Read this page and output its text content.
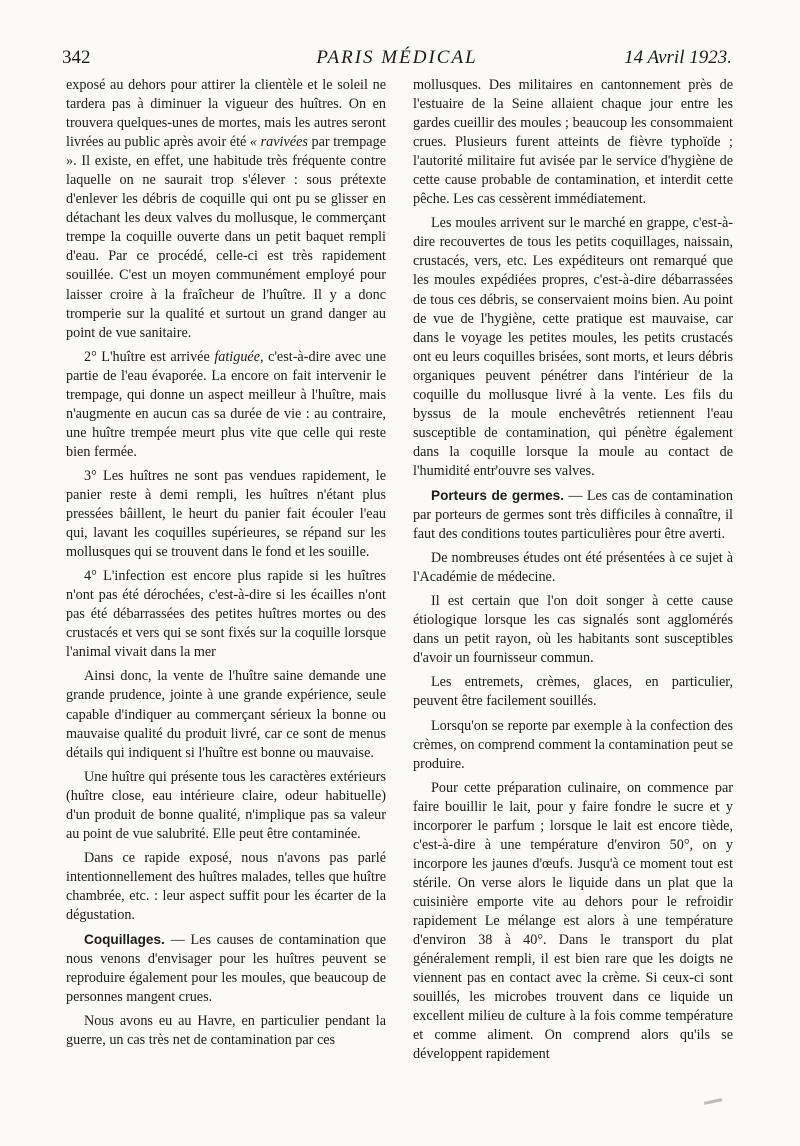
342	PARIS MÉDICAL	14 Avril 1923.

exposé au dehors pour attirer la clientèle et le soleil ne tardera pas à diminuer la vigueur des huîtres. On en trouvera quelques-unes de mortes, mais les autres seront livrées au public après avoir été « ravivées par trempage ». Il existe, en effet, une habitude très fréquente contre laquelle on ne saurait trop s'élever : sous prétexte d'enlever les débris de coquille qui ont pu se glisser en détachant les deux valves du mollusque, le commerçant trempe la coquille ouverte dans un petit baquet rempli d'eau. Par ce procédé, celle-ci est très rapidement souillée. C'est un moyen communément employé pour laisser croire à la fraîcheur de l'huître. Il y a donc tromperie sur la qualité et surtout un grand danger au point de vue sanitaire.

2° L'huître est arrivée fatiguée, c'est-à-dire avec une partie de l'eau évaporée. La encore on fait intervenir le trempage, qui donne un aspect meilleur à l'huître, mais n'augmente en aucun cas sa durée de vie : au contraire, une huître trempée meurt plus vite que celle qui reste bien fermée.

3° Les huîtres ne sont pas vendues rapidement, le panier reste à demi rempli, les huîtres n'étant plus pressées bâillent, le heurt du panier fait écouler l'eau qui, lavant les coquilles supérieures, se répand sur les mollusques qui se trouvent dans le fond et les souille.

4° L'infection est encore plus rapide si les huîtres n'ont pas été dérochées, c'est-à-dire si les écailles n'ont pas été débarrassées des petites huîtres mortes ou des crustacés et vers qui se sont fixés sur la coquille lorsque l'animal vivait dans la mer

Ainsi donc, la vente de l'huître saine demande une grande prudence, jointe à une grande expérience, seule capable d'indiquer au commerçant sérieux la bonne ou mauvaise qualité du produit livré, car ce sont de menus détails qui indiquent si l'huître est bonne ou mauvaise.

Une huître qui présente tous les caractères extérieurs (huître close, eau intérieure claire, odeur habituelle) d'un produit de bonne qualité, n'implique pas sa valeur au point de vue salubrité. Elle peut être contaminée.

Dans ce rapide exposé, nous n'avons pas parlé intentionnellement des huîtres malades, telles que huître chambrée, etc. : leur aspect suffit pour les écarter de la dégustation.

Coquillages. — Les causes de contamination que nous venons d'envisager pour les huîtres peuvent se reproduire également pour les moules, que beaucoup de personnes mangent crues.

Nous avons eu au Havre, en particulier pendant la guerre, un cas très net de contamination par ces

mollusques. Des militaires en cantonnement près de l'estuaire de la Seine allaient chaque jour entre les gardes cueillir des moules ; beaucoup les consommaient crues. Plusieurs furent atteints de fièvre typhoïde ; l'autorité militaire fut avisée par le service d'hygiène de cette cause probable de contamination, et interdit cette pêche. Les cas cessèrent immédiatement.

Les moules arrivent sur le marché en grappe, c'est-à-dire recouvertes de tous les petits coquillages, naissain, crustacés, vers, etc. Les expéditeurs ont remarqué que les moules expédiées propres, c'est-à-dire débarrassées de tous ces débris, se conservaient moins bien. Au point de vue de l'hygiène, cette pratique est mauvaise, car dans le voyage les petites moules, les petits crustacés ont eu leurs coquilles brisées, sont morts, et leurs débris organiques peuvent pénétrer dans l'intérieur de la coquille du mollusque livré à la vente. Les fils du byssus de la moule enchevêtrés retiennent l'eau susceptible de contamination, qui pénètre également dans la coquille lorsque la moule au contact de l'humidité entr'ouvre ses valves.

Porteurs de germes. — Les cas de contamination par porteurs de germes sont très difficiles à connaître, il faut des conditions toutes particulières pour être averti.

De nombreuses études ont été présentées à ce sujet à l'Académie de médecine.

Il est certain que l'on doit songer à cette cause étiologique lorsque les cas signalés sont agglomérés dans un petit rayon, où les habitants sont susceptibles d'avoir un fournisseur commun.

Les entremets, crèmes, glaces, en particulier, peuvent être facilement souillés.

Lorsqu'on se reporte par exemple à la confection des crèmes, on comprend comment la contamination peut se produire.

Pour cette préparation culinaire, on commence par faire bouillir le lait, pour y faire fondre le sucre et y incorporer le parfum ; lorsque le lait est encore tiède, c'est-à-dire à une température d'environ 50°, on y incorpore les jaunes d'œufs. Jusqu'à ce moment tout est stérile. On verse alors le liquide dans un plat que la cuisinière emporte vite au dehors pour le refroidir rapidement Le mélange est alors à une température d'environ 38 à 40°. Dans le transport du plat généralement rempli, il est bien rare que les doigts ne viennent pas en contact avec la crème. Si ceux-ci sont souillés, les microbes trouvent dans ce liquide un excellent milieu de culture à la fois comme température et comme aliment. On comprend alors qu'ils se développent rapidement
